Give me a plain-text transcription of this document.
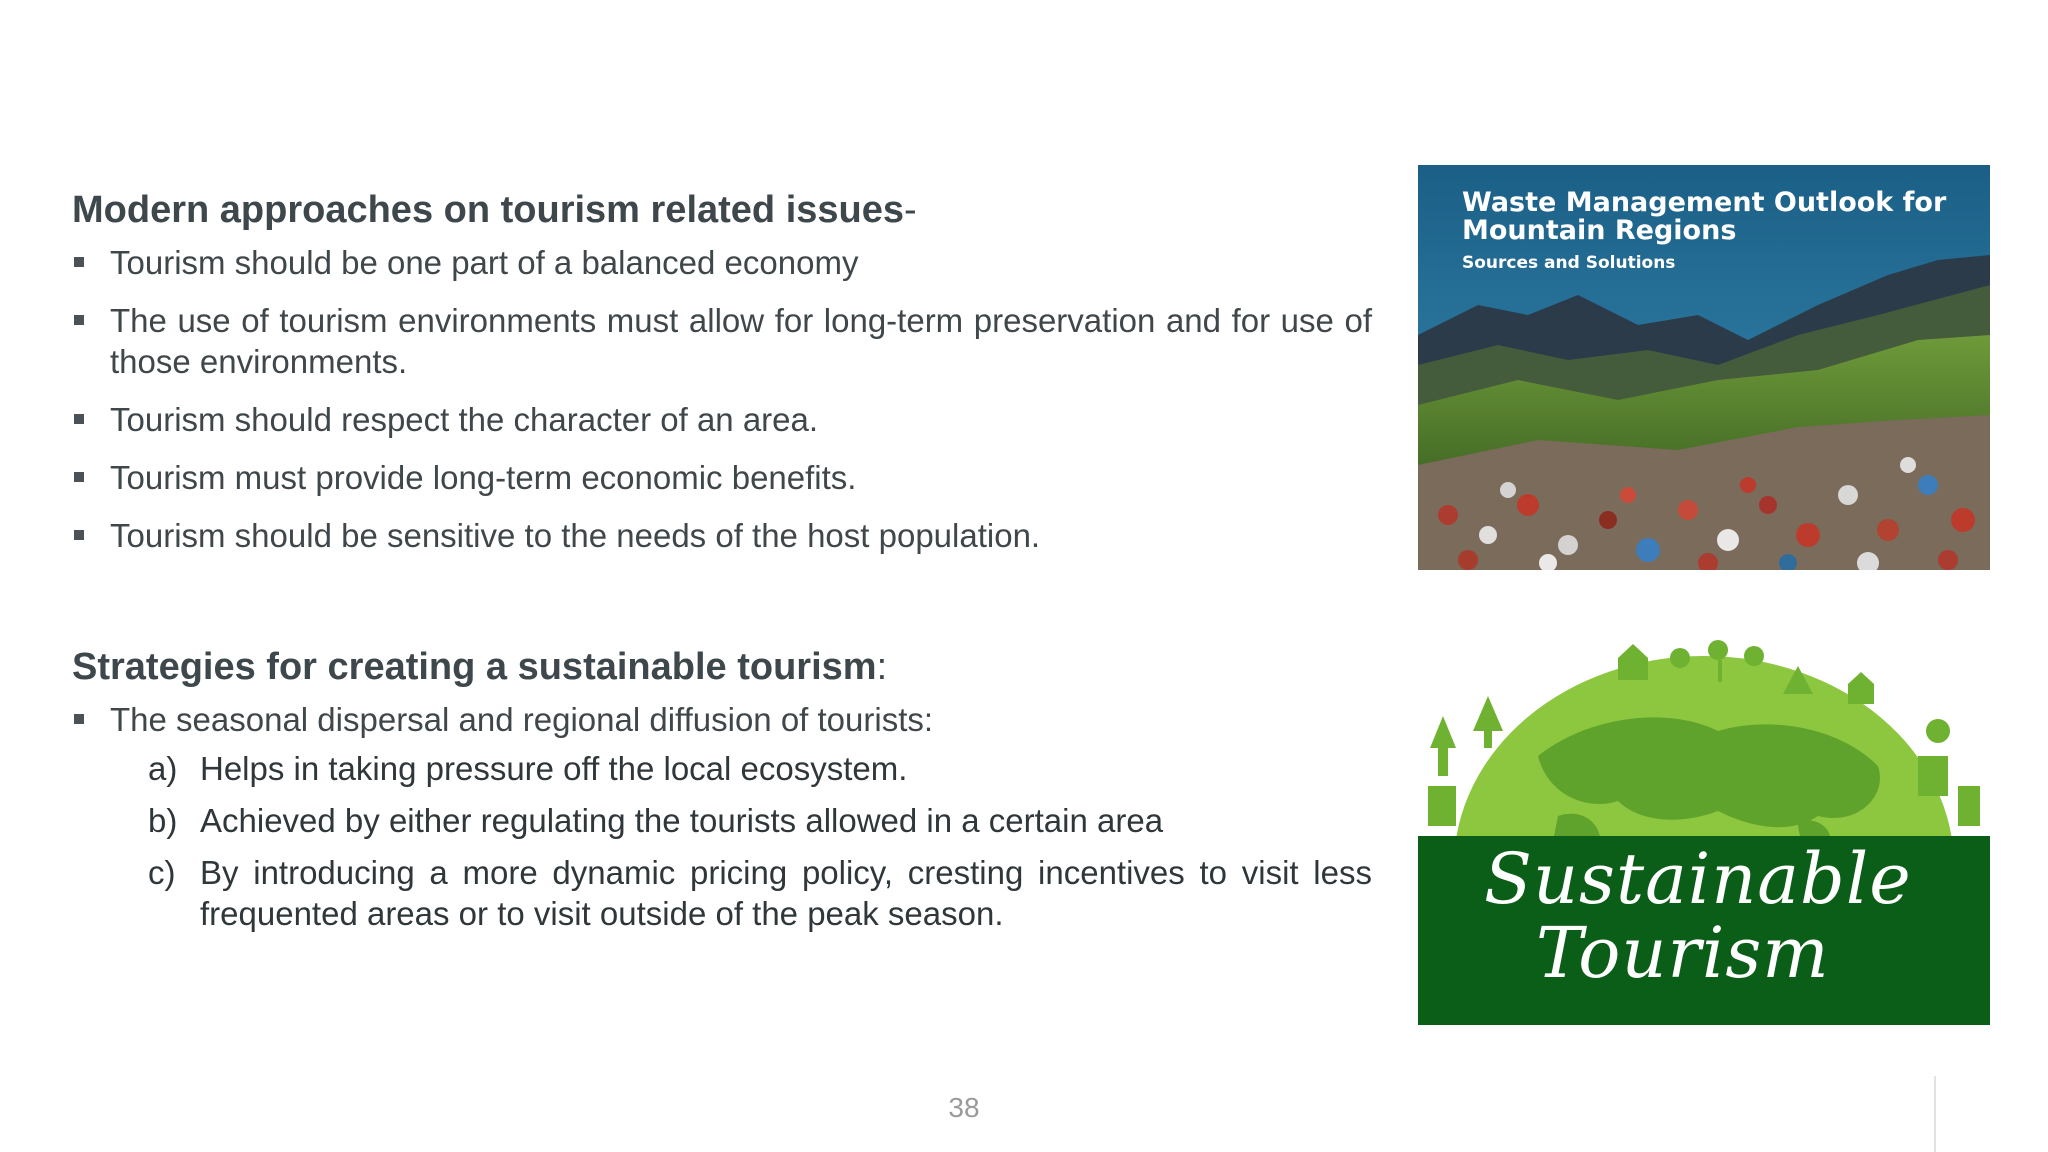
Modern approaches on tourism related issues-
Tourism should be one part of a balanced economy
The use of tourism environments must allow for long-term preservation and for use of those environments.
Tourism should respect the character of an area.
Tourism must provide long-term economic benefits.
Tourism should be sensitive to the needs of the host population.
Strategies for creating a sustainable tourism:
The seasonal dispersal and regional diffusion of tourists:
a) Helps in taking pressure off the local ecosystem.
b) Achieved by either regulating the tourists allowed in a certain area
c) By introducing a more dynamic pricing policy, cresting incentives to visit less frequented areas or to visit outside of the peak season.

Waste Management Outlook for Mountain Regions

Sources and Solutions
Sustainable
Tourism
38
